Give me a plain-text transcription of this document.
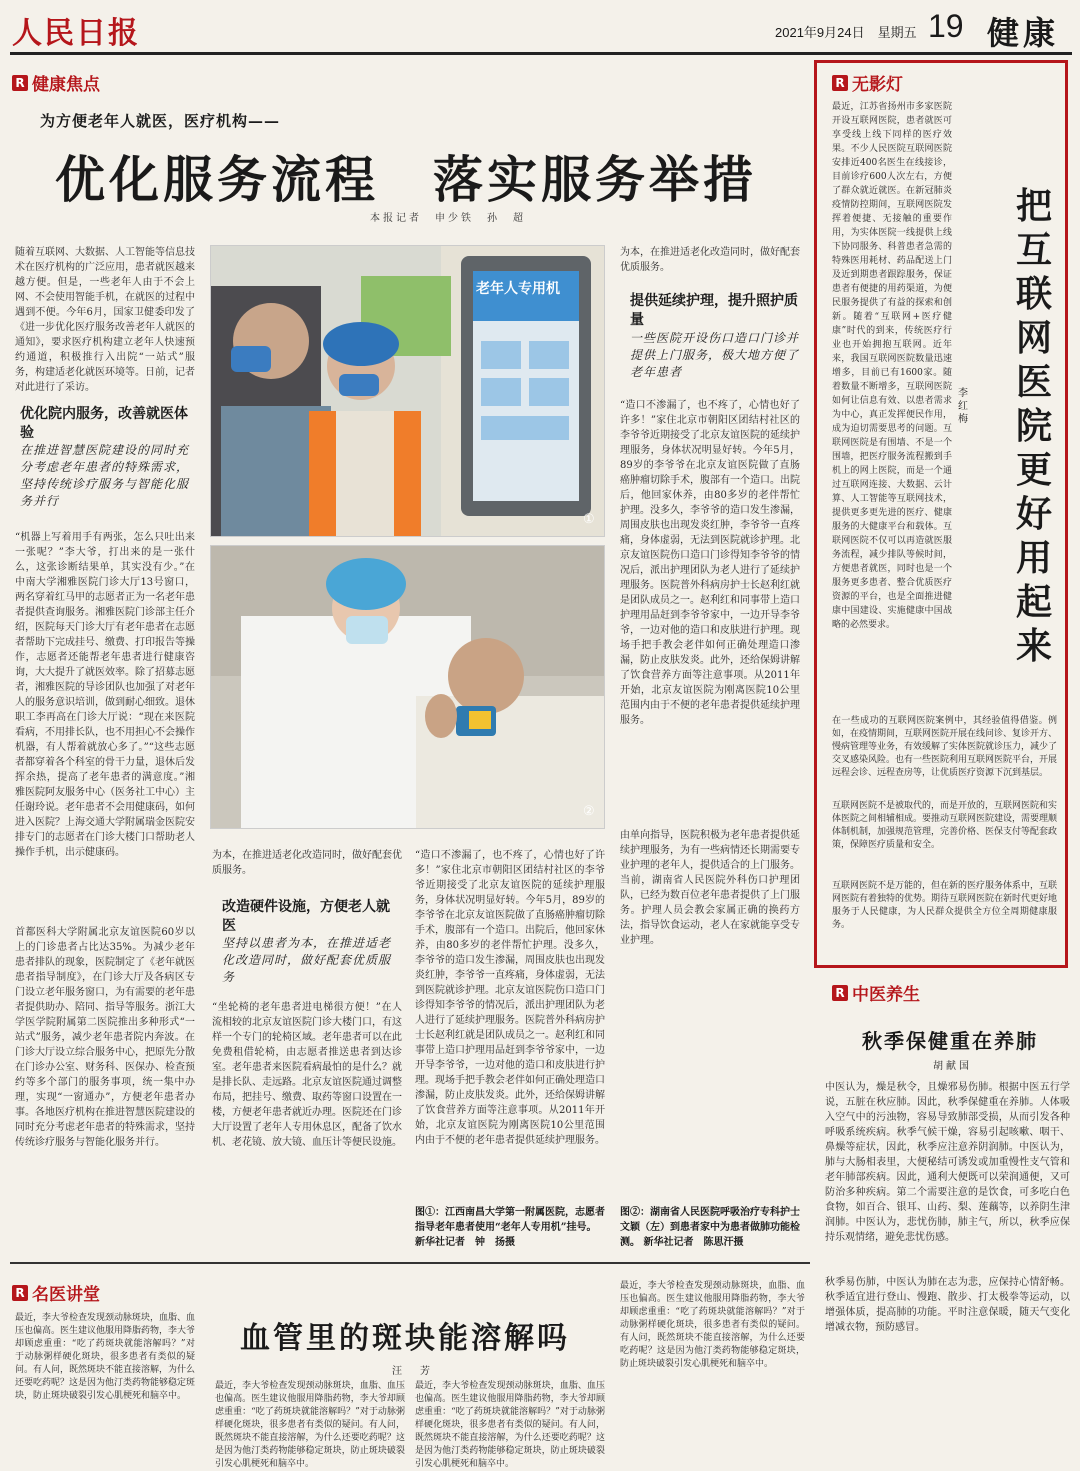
人民日报	2021年9月24日　星期五 19 健康
R 健康焦点
为方便老年人就医，医疗机构——
优化服务流程　落实服务举措
本报记者　申少铁　孙　超
随着互联网、大数据、人工智能等信息技术在医疗机构的广泛应用，患者就医越来越方便。但是，一些老年人由于不会上网、不会使用智能手机，在就医的过程中遇到不便。今年6月，国家卫健委印发了《进一步优化医疗服务改善老年人就医的通知》，要求医疗机构建立老年人快速预约通道，积极推行入出院“一站式”服务，构建适老化就医环境等。日前，记者对此进行了采访。
优化院内服务，改善就医体验
在推进智慧医院建设的同时充分考虑老年患者的特殊需求，坚持传统诊疗服务与智能化服务并行
“机器上写着用手有两张，怎么只吐出来一张呢？”李大爷，打出来的是一张什么，这张诊断结果单，其实没有少。”在中南大学湘雅医院门诊大厅13号窗口，两名穿着红马甲的志愿者正为一名老年患者提供查询服务。湘雅医院门诊部主任介绍，医院每天门诊大厅有老年患者在志愿者帮助下完成挂号、缴费、打印报告等操作，志愿者还能帮老年患者进行健康咨询，大大提升了就医效率。除了招募志愿者，湘雅医院的导诊团队也加强了对老年人的服务意识培训，做到耐心细致。退休职工李再高在门诊大厅说：“现在来医院看病，不用排长队，也不用担心不会操作机器，有人帮着就放心多了。”“这些志愿者都穿着各个科室的骨干力量，退休后发挥余热，提高了老年患者的满意度。”湘雅医院阿友服务中心（医务社工中心）主任谢玲说。老年患者不会用健康码，如何进入医院？上海交通大学附属瑞金医院安排专门的志愿者在门诊大楼门口帮助老人操作手机，出示健康码。
首都医科大学附属北京友谊医院60岁以上的门诊患者占比达35%。为减少老年患者排队的现象，医院制定了《老年就医患者指导制度》，在门诊大厅及各病区专门设立老年服务窗口，为有需要的老年患者提供助办、陪同、指导等服务。浙江大学医学院附属第二医院推出多种形式“一站式”服务，减少老年患者院内奔波。在门诊大厅设立综合服务中心，把原先分散在门诊办公室、财务科、医保办、检查预约等多个部门的服务事项，统一集中办理，实现“一窗通办”，方便老年患者办事。各地医疗机构在推进智慧医院建设的同时充分考虑老年患者的特殊需求，坚持传统诊疗服务与智能化服务并行。
老年人专用机
①
②
为本，在推进适老化改造同时，做好配套优质服务。
提供延续护理，提升照护质量
一些医院开设伤口造口门诊并提供上门服务，极大地方便了老年患者
“造口不渗漏了，也不疼了，心情也好了许多！”家住北京市朝阳区团结村社区的李爷爷近期接受了北京友谊医院的延续护理服务，身体状况明显好转。今年5月，89岁的李爷爷在北京友谊医院做了直肠癌肿瘤切除手术，腹部有一个造口。出院后，他回家休养，由80多岁的老伴帮忙护理。没多久，李爷爷的造口发生渗漏，周围皮肤也出现发炎红肿，李爷爷一直疼痛，身体虚弱，无法到医院就诊护理。北京友谊医院伤口造口门诊得知李爷爷的情况后，派出护理团队为老人进行了延续护理服务。医院普外科病房护士长赵利红就是团队成员之一。赵利红和同事带上造口护理用品赶到李爷爷家中，一边开导李爷爷，一边对他的造口和皮肤进行护理。现场手把手教会老伴如何正确处理造口渗漏，防止皮肤发炎。此外，还给保姆讲解了饮食营养方面等注意事项。从2011年开始，北京友谊医院为刚离医院10公里范围内由于不便的老年患者提供延续护理服务。
由单向指导，医院积极为老年患者提供延续护理服务，为有一些病情还长期需要专业护理的老年人，提供适合的上门服务。当前，湖南省人民医院外科伤口护理团队，已经为数百位老年患者提供了上门服务。护理人员会教会家属正确的换药方法，指导饮食运动，老人在家就能享受专业护理。
为本，在推进适老化改造同时，做好配套优质服务。
改造硬件设施，方便老人就医
坚持以患者为本，在推进适老化改造同时，做好配套优质服务
“坐轮椅的老年患者进电梯很方便！”在人流相较的北京友谊医院门诊大楼门口，有这样一个专门的轮椅区域。老年患者可以在此免费租借轮椅，由志愿者推送患者到达诊室。老年患者来医院看病最怕的是什么？就是排长队、走远路。北京友谊医院通过调整布局，把挂号、缴费、取药等窗口设置在一楼，方便老年患者就近办理。医院还在门诊大厅设置了老年人专用休息区，配备了饮水机、老花镜、放大镜、血压计等便民设施。
“造口不渗漏了，也不疼了，心情也好了许多！”家住北京市朝阳区团结村社区的李爷爷近期接受了北京友谊医院的延续护理服务，身体状况明显好转。今年5月，89岁的李爷爷在北京友谊医院做了直肠癌肿瘤切除手术，腹部有一个造口。出院后，他回家休养，由80多岁的老伴帮忙护理。没多久，李爷爷的造口发生渗漏，周围皮肤也出现发炎红肿，李爷爷一直疼痛，身体虚弱，无法到医院就诊护理。北京友谊医院伤口造口门诊得知李爷爷的情况后，派出护理团队为老人进行了延续护理服务。医院普外科病房护士长赵利红就是团队成员之一。赵利红和同事带上造口护理用品赶到李爷爷家中，一边开导李爷爷，一边对他的造口和皮肤进行护理。现场手把手教会老伴如何正确处理造口渗漏，防止皮肤发炎。此外，还给保姆讲解了饮食营养方面等注意事项。从2011年开始，北京友谊医院为刚离医院10公里范围内由于不便的老年患者提供延续护理服务。
图①：江西南昌大学第一附属医院，志愿者指导老年患者使用“老年人专用机”挂号。 新华社记者　钟　扬摄
图②：湖南省人民医院呼吸治疗专科护士文颖（左）到患者家中为患者做肺功能检测。 新华社记者　陈思汗摄
R 无影灯
把互联网医院更好用起来
李红梅
最近，江苏省扬州市多家医院开设互联网医院，患者就医可享受线上线下同样的医疗效果。不少人民医院互联网医院安排近400名医生在线接诊，目前诊疗600人次左右，方便了群众就近就医。在新冠肺炎疫情防控期间，互联网医院发挥着便捷、无接触的重要作用，为实体医院一线提供上线下协同服务、科普患者急需的特殊医用耗材、药品配送上门及近到期患者跟踪服务，保证患者有便捷的用药渠道，为便民服务提供了有益的探索和创新。随着“互联网+医疗健康”时代的到来，传统医疗行业也开始拥抱互联网。近年来，我国互联网医院数量迅速增多，目前已有1600家。随着数量不断增多，互联网医院如何让信息有效、以患者需求为中心，真正发挥便民作用，成为迫切需要思考的问题。互联网医院是有围墙、不是一个围墙，把医疗服务流程搬到手机上的网上医院，而是一个通过互联网连接、大数据、云计算、人工智能等互联网技术，提供更多更先进的医疗、健康服务的大健康平台和载体。互联网医院不仅可以再造就医服务流程，减少排队等候时间，方便患者就医，同时也是一个服务更多患者、整合优质医疗资源的平台，也是全面推进健康中国建设、实施健康中国战略的必然要求。
在一些成功的互联网医院案例中，其经验值得借鉴。例如，在疫情期间，互联网医院开展在线问诊、复诊开方、慢病管理等业务，有效缓解了实体医院就诊压力，减少了交叉感染风险。也有一些医院利用互联网医院平台，开展远程会诊、远程查房等，让优质医疗资源下沉到基层。
互联网医院不是被取代的，而是开放的，互联网医院和实体医院之间相辅相成。要推动互联网医院建设，需要理顺体制机制，加强规范管理，完善价格、医保支付等配套政策，保障医疗质量和安全。
互联网医院不是万能的，但在新的医疗服务体系中，互联网医院有着独特的优势。期待互联网医院在新时代更好地服务于人民健康，为人民群众提供全方位全周期健康服务。
R 中医养生
秋季保健重在养肺
胡献国
中医认为，燥是秋令，且燥邪易伤肺。根据中医五行学说，五脏在秋应肺。因此，秋季保健重在养肺。人体吸入空气中的污浊物，容易导致肺部受损，从而引发各种呼吸系统疾病。秋季气候干燥，容易引起咳嗽、咽干、鼻燥等症状，因此，秋季应注意养阴润肺。中医认为，肺与大肠相表里，大便秘结可诱发或加重慢性支气管和老年肺部疾病。因此，通利大便既可以荣润通便，又可防治多种疾病。第二个需要注意的是饮食，可多吃白色食物，如百合、银耳、山药、梨、莲藕等，以养阴生津润肺。中医认为，悲忧伤肺，肺主气，所以，秋季应保持乐观情绪，避免悲忧伤感。
秋季易伤肺，中医认为肺在志为悲，应保持心情舒畅。秋季适宜进行登山、慢跑、散步、打太极拳等运动，以增强体质，提高肺的功能。平时注意保暖，随天气变化增减衣物，预防感冒。
R 名医讲堂
血管里的斑块能溶解吗
汪　芳
最近，李大爷检查发现颈动脉斑块，血脂、血压也偏高。医生建议他服用降脂药物，李大爷却顾虑重重：“吃了药斑块就能溶解吗？”对于动脉粥样硬化斑块，很多患者有类似的疑问。有人问，既然斑块不能直接溶解，为什么还要吃药呢？这是因为他汀类药物能够稳定斑块，防止斑块破裂引发心肌梗死和脑卒中。
最近，李大爷检查发现颈动脉斑块，血脂、血压也偏高。医生建议他服用降脂药物，李大爷却顾虑重重：“吃了药斑块就能溶解吗？”对于动脉粥样硬化斑块，很多患者有类似的疑问。有人问，既然斑块不能直接溶解，为什么还要吃药呢？这是因为他汀类药物能够稳定斑块，防止斑块破裂引发心肌梗死和脑卒中。
最近，李大爷检查发现颈动脉斑块，血脂、血压也偏高。医生建议他服用降脂药物，李大爷却顾虑重重：“吃了药斑块就能溶解吗？”对于动脉粥样硬化斑块，很多患者有类似的疑问。有人问，既然斑块不能直接溶解，为什么还要吃药呢？这是因为他汀类药物能够稳定斑块，防止斑块破裂引发心肌梗死和脑卒中。
最近，李大爷检查发现颈动脉斑块，血脂、血压也偏高。医生建议他服用降脂药物，李大爷却顾虑重重：“吃了药斑块就能溶解吗？”对于动脉粥样硬化斑块，很多患者有类似的疑问。有人问，既然斑块不能直接溶解，为什么还要吃药呢？这是因为他汀类药物能够稳定斑块，防止斑块破裂引发心肌梗死和脑卒中。
